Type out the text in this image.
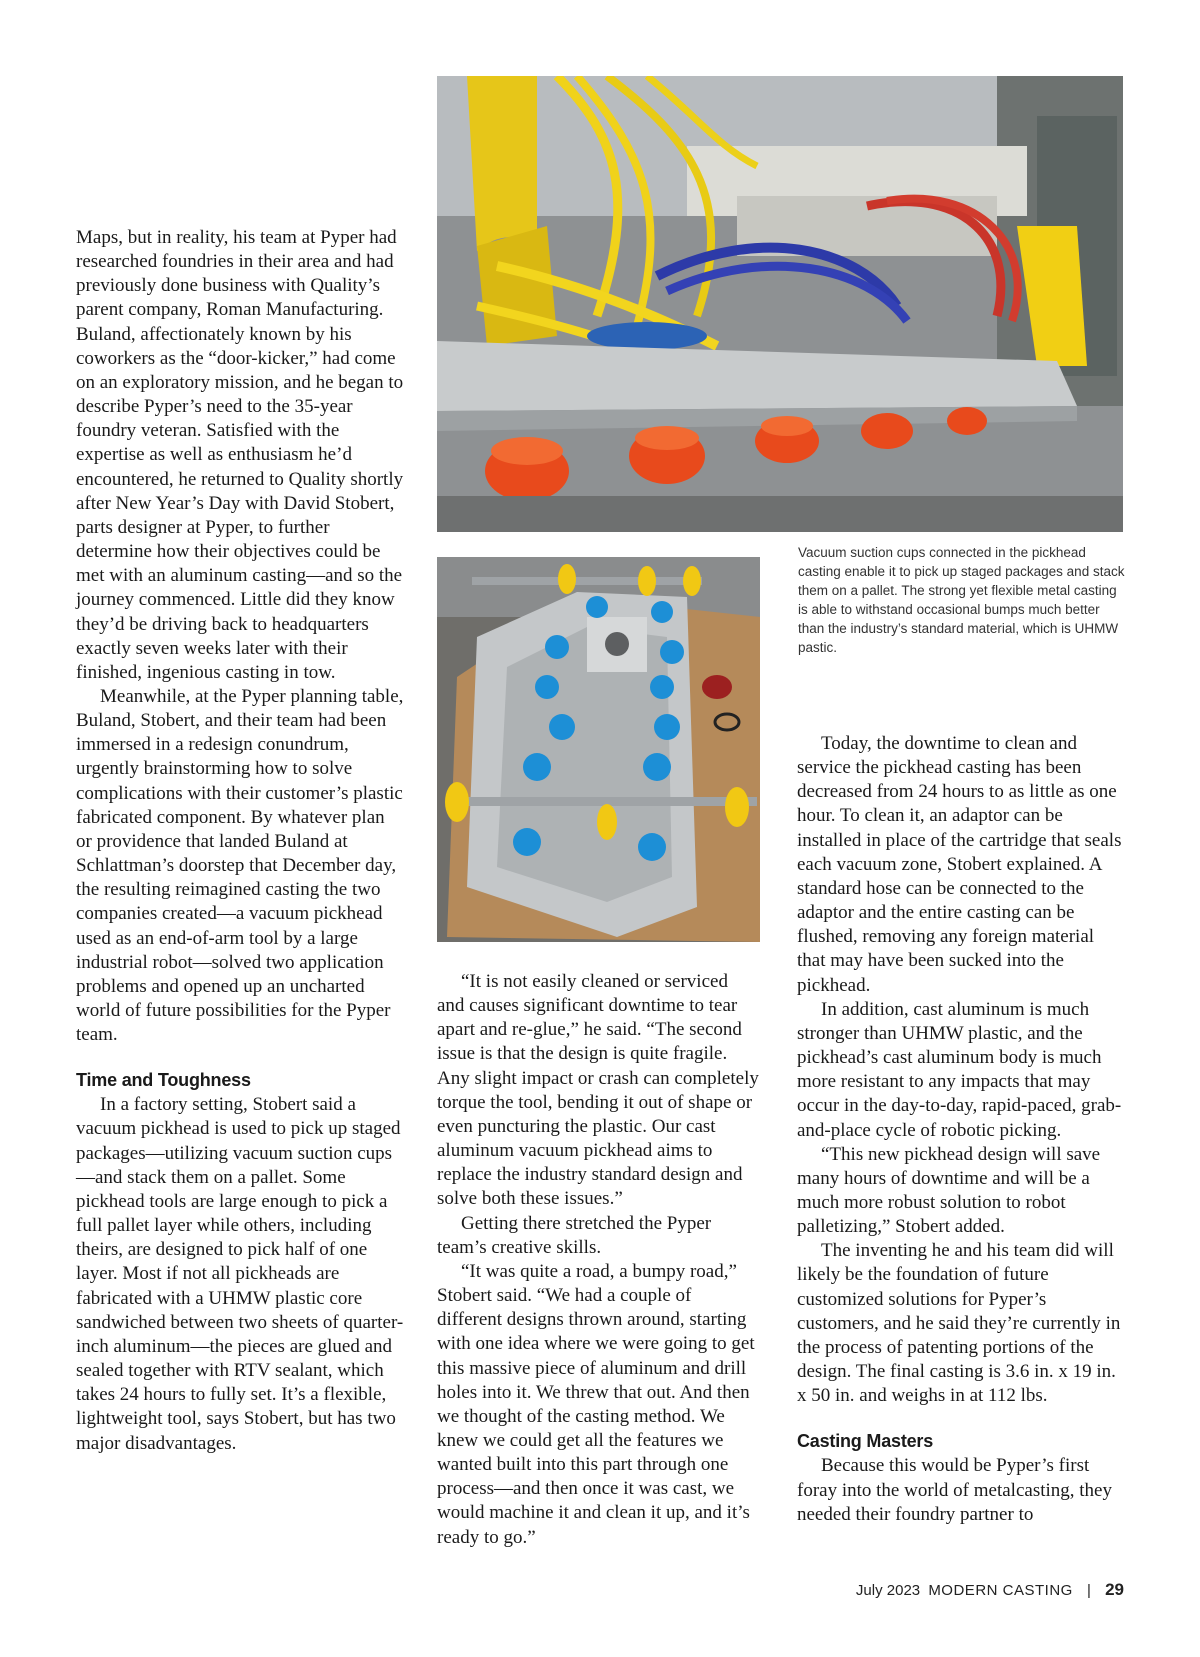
Vacuum suction cups connected in the pickhead casting enable it to pick up staged packages and stack them on a pallet. The strong yet flexible metal casting is able to withstand occasional bumps much better than the industry’s standard material, which is UHMW pastic.

Maps, but in reality, his team at Pyper had researched foundries in their area and had previously done business with Quality’s parent company, Roman Manufacturing. Buland, affectionately known by his coworkers as the “door-kicker,” had come on an exploratory mission, and he began to describe Pyper’s need to the 35-year foundry veteran. Satisfied with the expertise as well as enthusiasm he’d encountered, he returned to Quality shortly after New Year’s Day with David Stobert, parts designer at Pyper, to further determine how their objectives could be met with an aluminum casting—and so the journey commenced. Little did they know they’d be driving back to headquarters exactly seven weeks later with their finished, ingenious casting in tow.

Meanwhile, at the Pyper planning table, Buland, Stobert, and their team had been immersed in a redesign conundrum, urgently brainstorming how to solve complications with their customer’s plastic fabricated component. By whatever plan or providence that landed Buland at Schlattman’s doorstep that December day, the resulting reimagined casting the two companies created—a vacuum pickhead used as an end-of-arm tool by a large industrial robot—solved two application problems and opened up an uncharted world of future possibilities for the Pyper team.

Time and Toughness

In a factory setting, Stobert said a vacuum pickhead is used to pick up staged packages—utilizing vacuum suction cups—and stack them on a pallet. Some pickhead tools are large enough to pick a full pallet layer while others, including theirs, are designed to pick half of one layer. Most if not all pickheads are fabricated with a UHMW plastic core sandwiched between two sheets of quarter-inch aluminum—the pieces are glued and sealed together with RTV sealant, which takes 24 hours to fully set. It’s a flexible, lightweight tool, says Stobert, but has two major disadvantages.

“It is not easily cleaned or serviced and causes significant downtime to tear apart and re-glue,” he said. “The second issue is that the design is quite fragile. Any slight impact or crash can completely torque the tool, bending it out of shape or even puncturing the plastic. Our cast aluminum vacuum pickhead aims to replace the industry standard design and solve both these issues.”

Getting there stretched the Pyper team’s creative skills.

“It was quite a road, a bumpy road,” Stobert said. “We had a couple of different designs thrown around, starting with one idea where we were going to get this massive piece of aluminum and drill holes into it. We threw that out. And then we thought of the casting method. We knew we could get all the features we wanted built into this part through one process—and then once it was cast, we would machine it and clean it up, and it’s ready to go.”

Today, the downtime to clean and service the pickhead casting has been decreased from 24 hours to as little as one hour. To clean it, an adaptor can be installed in place of the cartridge that seals each vacuum zone, Stobert explained. A standard hose can be connected to the adaptor and the entire casting can be flushed, removing any foreign material that may have been sucked into the pickhead.

In addition, cast aluminum is much stronger than UHMW plastic, and the pickhead’s cast aluminum body is much more resistant to any impacts that may occur in the day-to-day, rapid-paced, grab-and-place cycle of robotic picking.

“This new pickhead design will save many hours of downtime and will be a much more robust solution to robot palletizing,” Stobert added.

The inventing he and his team did will likely be the foundation of future customized solutions for Pyper’s customers, and he said they’re currently in the process of patenting portions of the design. The final casting is 3.6 in. x 19 in. x 50 in. and weighs in at 112 lbs.

Casting Masters

Because this would be Pyper’s first foray into the world of metalcasting, they needed their foundry partner to

July 2023 MODERN CASTING | 29
